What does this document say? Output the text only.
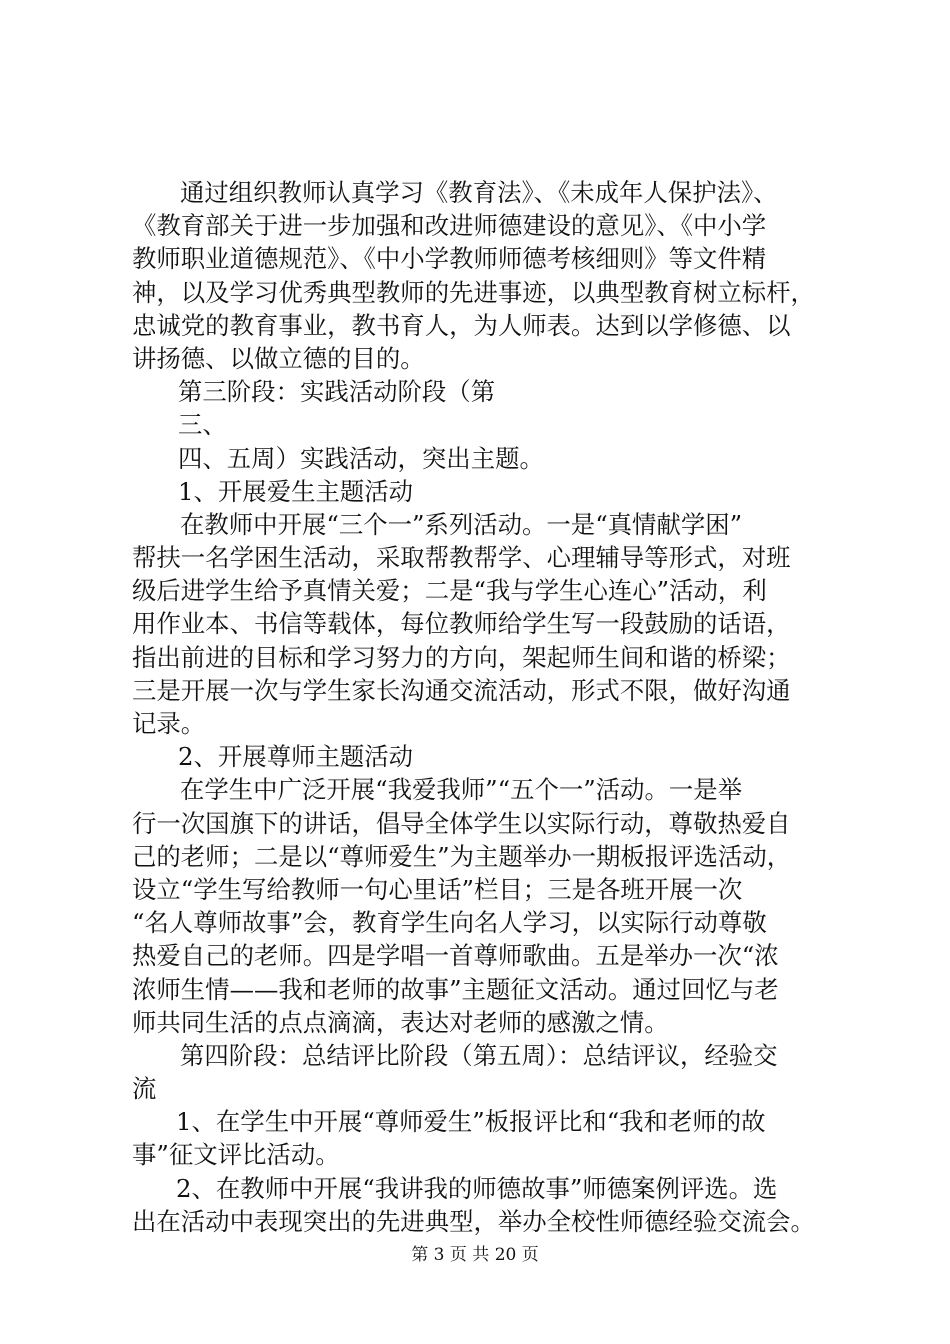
通过组织教师认真学习《教育法》、《未成年人保护法》、
《教育部关于进一步加强和改进师德建设的意见》、《中小学
教师职业道德规范》、《中小学教师师德考核细则》等文件精
神，以及学习优秀典型教师的先进事迹，以典型教育树立标杆，
忠诚党的教育事业，教书育人，为人师表。达到以学修德、以
讲扬德、以做立德的目的。
第三阶段：实践活动阶段（第
三、
四、五周）实践活动，突出主题。
1、开展爱生主题活动
在教师中开展“三个一”系列活动。一是“真情献学困”
帮扶一名学困生活动，采取帮教帮学、心理辅导等形式，对班
级后进学生给予真情关爱；二是“我与学生心连心”活动，利
用作业本、书信等载体，每位教师给学生写一段鼓励的话语，
指出前进的目标和学习努力的方向，架起师生间和谐的桥梁；
三是开展一次与学生家长沟通交流活动，形式不限，做好沟通
记录。
2、开展尊师主题活动
在学生中广泛开展“我爱我师”“五个一”活动。一是举
行一次国旗下的讲话，倡导全体学生以实际行动，尊敬热爱自
己的老师；二是以“尊师爱生”为主题举办一期板报评选活动，
设立“学生写给教师一句心里话”栏目；三是各班开展一次
“名人尊师故事”会，教育学生向名人学习，以实际行动尊敬
热爱自己的老师。四是学唱一首尊师歌曲。五是举办一次“浓
浓师生情——我和老师的故事”主题征文活动。通过回忆与老
师共同生活的点点滴滴，表达对老师的感激之情。
第四阶段：总结评比阶段（第五周）：总结评议，经验交
流
1、在学生中开展“尊师爱生”板报评比和“我和老师的故
事”征文评比活动。
2、在教师中开展“我讲我的师德故事”师德案例评选。选
出在活动中表现突出的先进典型，举办全校性师德经验交流会。
第 3 页 共 20 页
